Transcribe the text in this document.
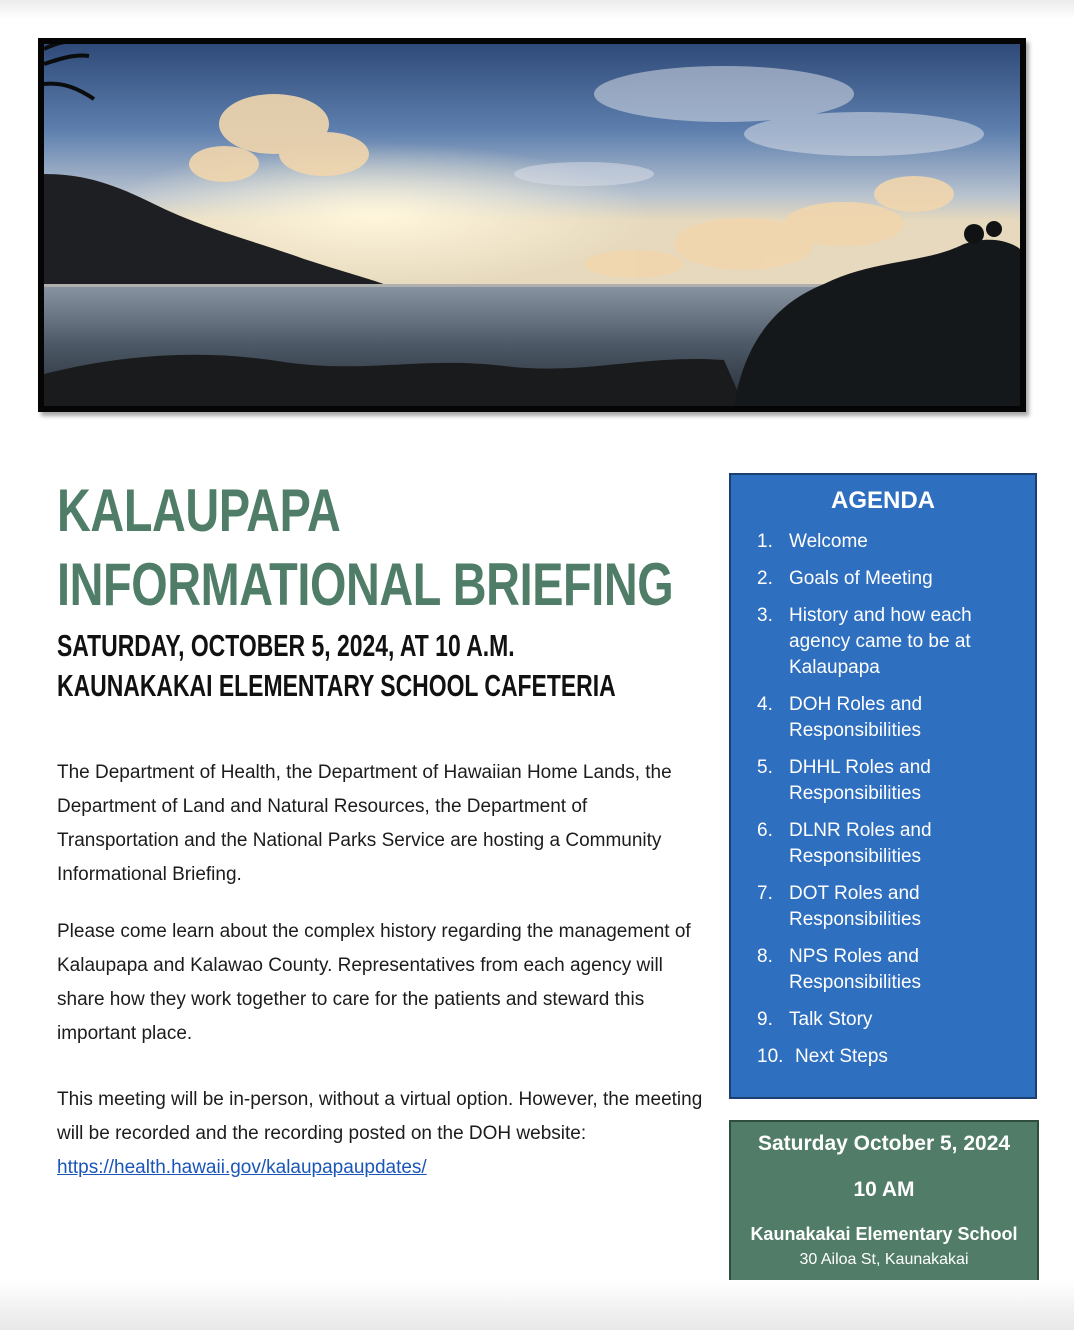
KALAUPAPA
INFORMATIONAL BRIEFING
SATURDAY, OCTOBER 5, 2024, AT 10 A.M.
KAUNAKAKAI ELEMENTARY SCHOOL CAFETERIA

The Department of Health, the Department of Hawaiian Home Lands, the Department of Land and Natural Resources, the Department of Transportation and the National Parks Service are hosting a Community Informational Briefing.

Please come learn about the complex history regarding the management of Kalaupapa and Kalawao County. Representatives from each agency will share how they work together to care for the patients and steward this important place.

This meeting will be in-person, without a virtual option. However, the meeting will be recorded and the recording posted on the DOH website:
https://health.hawaii.gov/kalaupapaupdates/

AGENDA
1. Welcome
2. Goals of Meeting
3. History and how each agency came to be at Kalaupapa
4. DOH Roles and Responsibilities
5. DHHL Roles and Responsibilities
6. DLNR Roles and Responsibilities
7. DOT Roles and Responsibilities
8. NPS Roles and Responsibilities
9. Talk Story
10. Next Steps
Saturday October 5, 2024
10 AM
Kaunakakai Elementary School
30 Ailoa St, Kaunakakai
